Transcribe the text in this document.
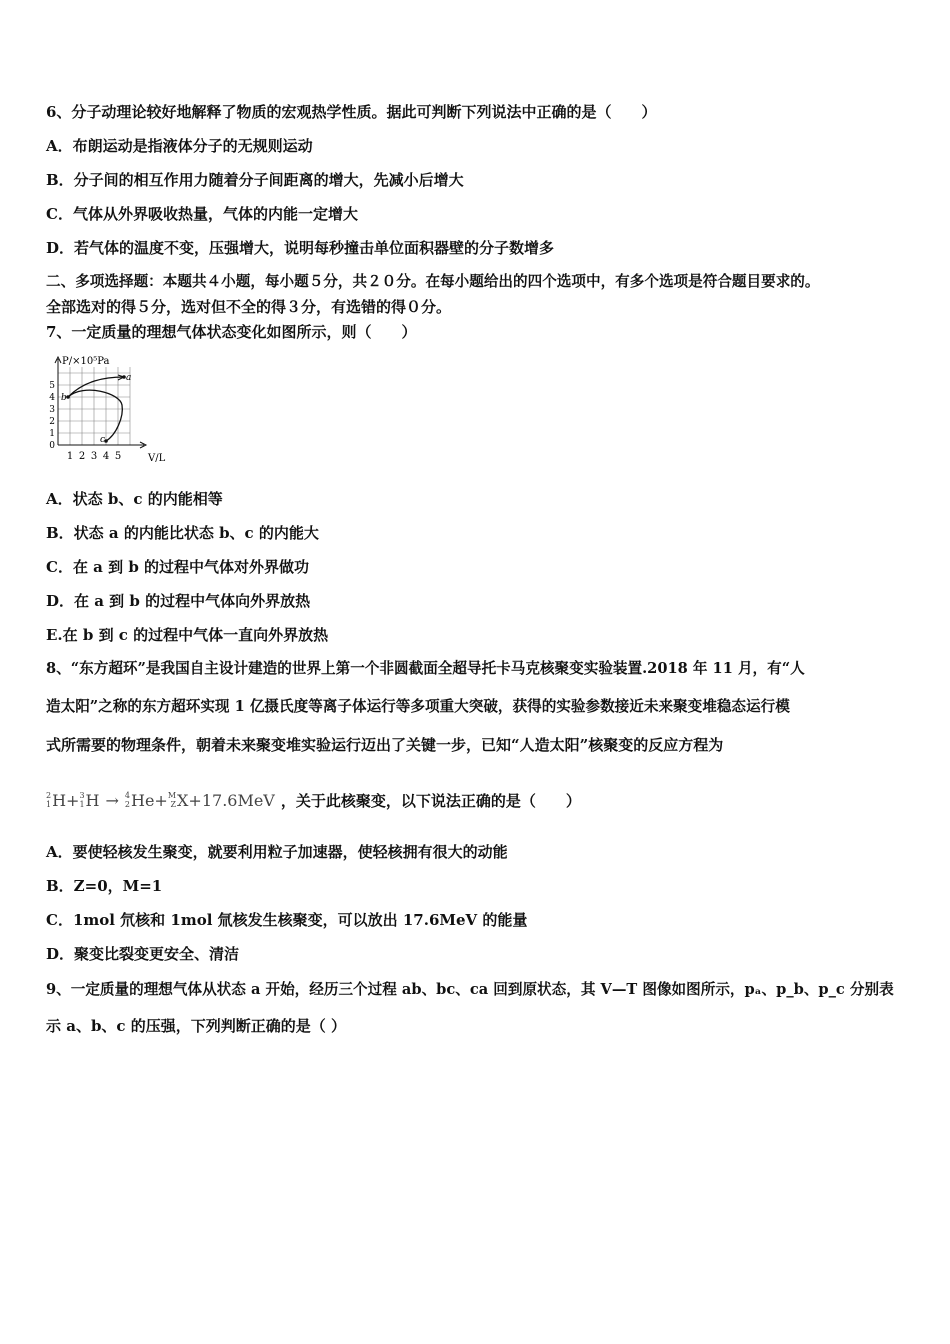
6、分子动理论较好地解释了物质的宏观热学性质。据此可判断下列说法中正确的是（　　）
A．布朗运动是指液体分子的无规则运动
B．分子间的相互作用力随着分子间距离的增大，先减小后增大
C．气体从外界吸收热量，气体的内能一定增大
D．若气体的温度不变，压强增大，说明每秒撞击单位面积器壁的分子数增多
二、多项选择题：本题共４小题，每小题５分，共２０分。在每小题给出的四个选项中，有多个选项是符合题目要求的。
全部选对的得５分，选对但不全的得３分，有选错的得０分。
7、一定质量的理想气体状态变化如图所示，则（　　）
a
b
c
P/×10⁵Pa
V/L
0
1
2
3
4
5
1 2 3 4 5
A．状态 b、c 的内能相等
B．状态 a 的内能比状态 b、c 的内能大
C．在 a 到 b 的过程中气体对外界做功
D．在 a 到 b 的过程中气体向外界放热
E.在 b 到 c 的过程中气体一直向外界放热
8、“东方超环”是我国自主设计建造的世界上第一个非圆截面全超导托卡马克核聚变实验装置.2018 年 11 月，有“人
造太阳”之称的东方超环实现 1 亿摄氏度等离子体运行等多项重大突破，获得的实验参数接近未来聚变堆稳态运行模
式所需要的物理条件，朝着未来聚变堆实验运行迈出了关键一步，已知“人造太阳”核聚变的反应方程为
2
1 H + 3
1 H → 4
2 He + M
Z X +17.6MeV ，关于此核聚变，以下说法正确的是（　　）
A．要使轻核发生聚变，就要利用粒子加速器，使轻核拥有很大的动能
B．Z=0，M=1
C．1mol 氘核和 1mol 氚核发生核聚变，可以放出 17.6MeV 的能量
D．聚变比裂变更安全、清洁
9、一定质量的理想气体从状态 a 开始，经历三个过程 ab、bc、ca 回到原状态，其 V—T 图像如图所示，pₐ、p_b、p_c 分别表
示 a、b、c 的压强，下列判断正确的是（ ）
